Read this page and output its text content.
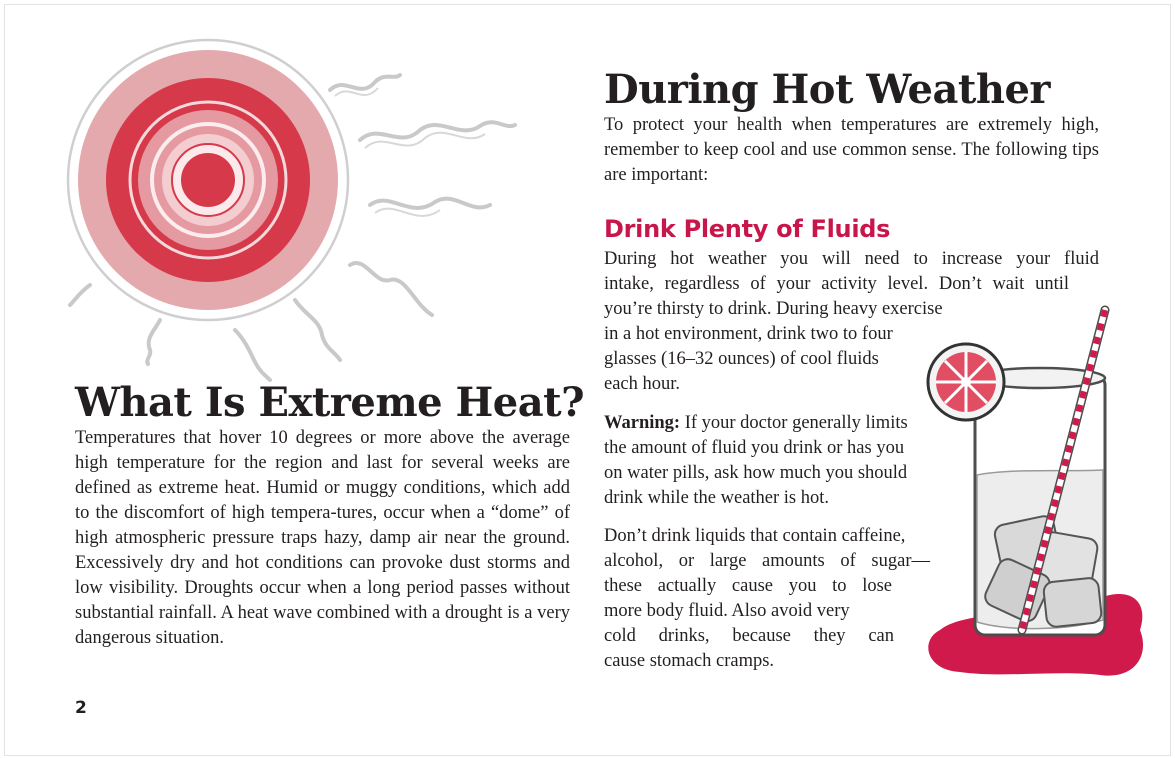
What Is Extreme Heat?

Temperatures that hover 10 degrees or more above the average high temperature for the region and last for several weeks are defined as extreme heat. Humid or muggy conditions, which add to the discomfort of high tempera-tures, occur when a “dome” of high atmospheric pressure traps hazy, damp air near the ground. Excessively dry and hot conditions can provoke dust storms and low visibility. Droughts occur when a long period passes without substantial rainfall. A heat wave combined with a drought is a very dangerous situation.

During Hot Weather

To protect your health when temperatures are extremely high, remember to keep cool and use common sense. The following tips are important:

Drink Plenty of Fluids

During hot weather you will need to increase your fluid

intake, regardless of your activity level. Don’t wait until

you’re thirsty to drink. During heavy exercise

in a hot environment, drink two to four

glasses (16–32 ounces) of cool fluids

each hour.

Warning: If your doctor generally limits

the amount of fluid you drink or has you

on water pills, ask how much you should

drink while the weather is hot.

Don’t drink liquids that contain caffeine,

alcohol, or large amounts of sugar—

these actually cause you to lose

more body fluid. Also avoid very

cold drinks, because they can

cause stomach cramps.

2
